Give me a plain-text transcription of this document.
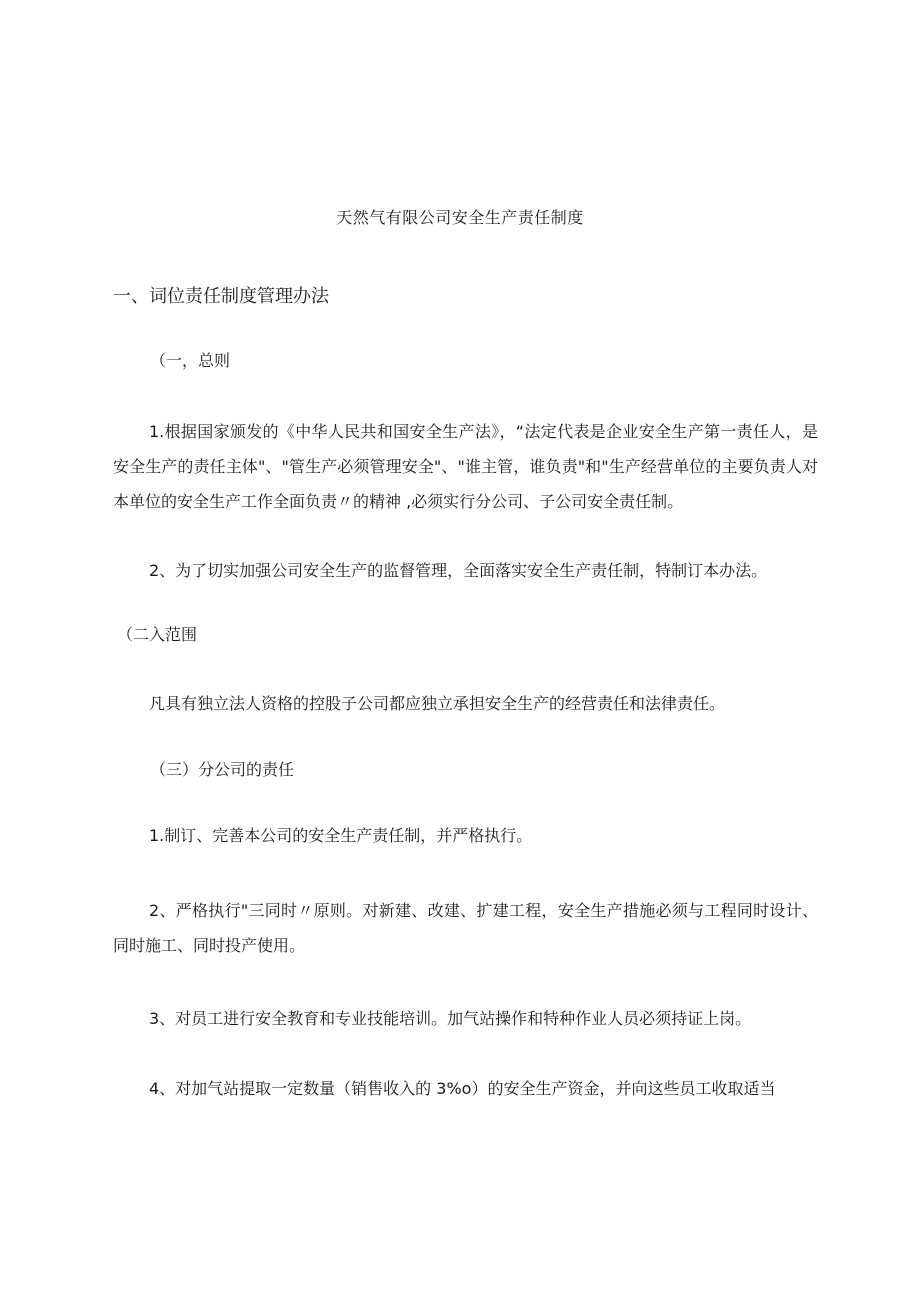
天然气有限公司安全生产责任制度
一、词位责任制度管理办法
（一，总则
1.根据国家颁发的《中华人民共和国安全生产法》，“法定代表是企业安全生产第一责任人，是安全生产的责任主体"、"管生产必须管理安全"、"谁主管，谁负责"和"生产经营单位的主要负责人对本单位的安全生产工作全面负责〃的精神 ,必须实行分公司、子公司安全责任制。
2、为了切实加强公司安全生产的监督管理，全面落实安全生产责任制，特制订本办法。
（二入范围
凡具有独立法人资格的控股子公司都应独立承担安全生产的经营责任和法律责任。
（三）分公司的责任
1.制订、完善本公司的安全生产责任制，并严格执行。
2、严格执行"三同时〃原则。对新建、改建、扩建工程，安全生产措施必须与工程同时设计、同时施工、同时投产使用。
3、对员工进行安全教育和专业技能培训。加气站操作和特种作业人员必须持证上岗。
4、对加气站提取一定数量（销售收入的 3%o）的安全生产资金，并向这些员工收取适当
